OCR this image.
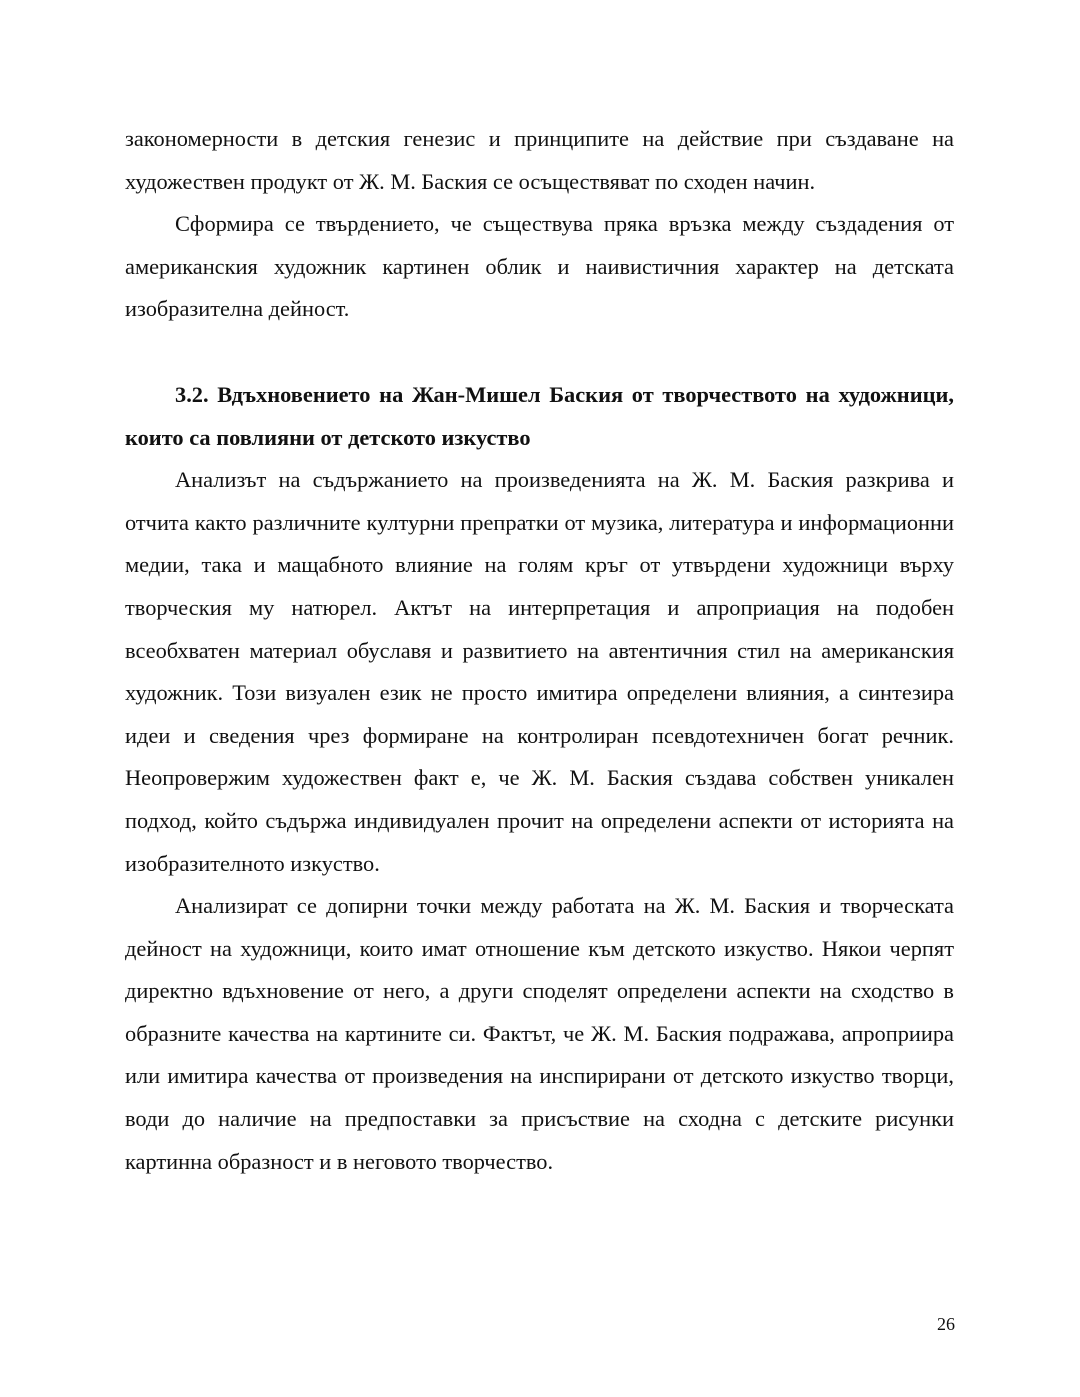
закономерности в детския генезис и принципите на действие при създаване на художествен продукт от Ж. М. Баския се осъществяват по сходен начин.

Сформира се твърдението, че съществува пряка връзка между създадения от американския художник картинен облик и наивистичния характер на детската изобразителна дейност.

3.2. Вдъхновението на Жан-Мишел Баския от творчеството на художници, които са повлияни от детското изкуство

Анализът на съдържанието на произведенията на Ж. М. Баския разкрива и отчита както различните културни препратки от музика, литература и информационни медии, така и мащабното влияние на голям кръг от утвърдени художници върху творческия му натюрел. Актът на интерпретация и апроприация на подобен всеобхватен материал обуславя и развитието на автентичния стил на американския художник. Този визуален език не просто имитира определени влияния, а синтезира идеи и сведения чрез формиране на контролиран псевдотехничен богат речник. Неопровержим художествен факт е, че Ж. М. Баския създава собствен уникален подход, който съдържа индивидуален прочит на определени аспекти от историята на изобразителното изкуство.

Анализират се допирни точки между работата на Ж. М. Баския и творческата дейност на художници, които имат отношение към детското изкуство. Някои черпят директно вдъхновение от него, а други споделят определени аспекти на сходство в образните качества на картините си. Фактът, че Ж. М. Баския подражава, апроприира или имитира качества от произведения на инспирирани от детското изкуство творци, води до наличие на предпоставки за присъствие на сходна с детските рисунки картинна образност и в неговото творчество.

26
